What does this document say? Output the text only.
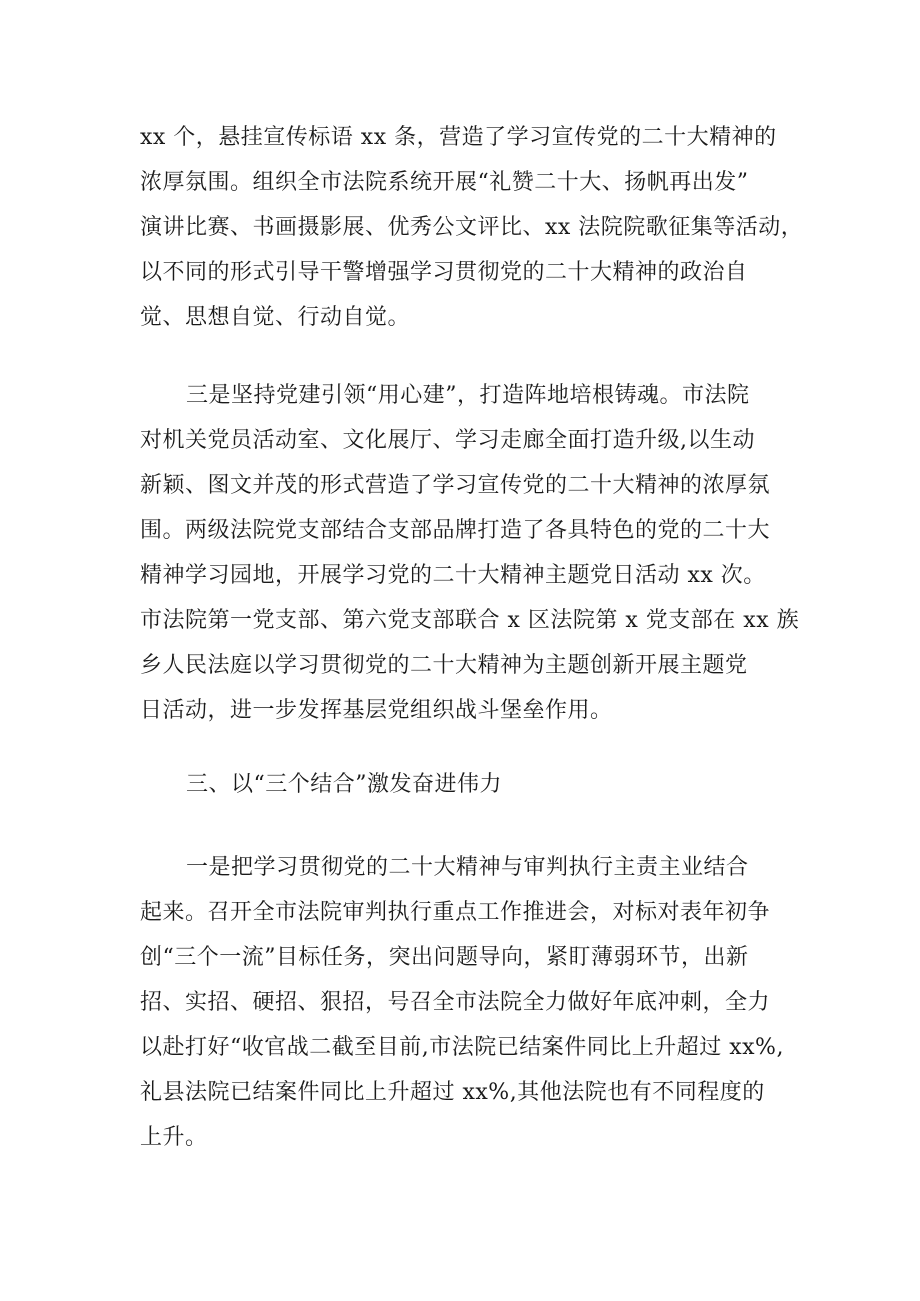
xx 个，悬挂宣传标语 xx 条，营造了学习宣传党的二十大精神的
浓厚氛围。组织全市法院系统开展“礼赞二十大、扬帆再出发”
演讲比赛、书画摄影展、优秀公文评比、xx 法院院歌征集等活动，
以不同的形式引导干警增强学习贯彻党的二十大精神的政治自
觉、思想自觉、行动自觉。
三是坚持党建引领“用心建”，打造阵地培根铸魂。市法院
对机关党员活动室、文化展厅、学习走廊全面打造升级,以生动
新颖、图文并茂的形式营造了学习宣传党的二十大精神的浓厚氛
围。两级法院党支部结合支部品牌打造了各具特色的党的二十大
精神学习园地，开展学习党的二十大精神主题党日活动 xx 次。
市法院第一党支部、第六党支部联合 x 区法院第 x 党支部在 xx 族
乡人民法庭以学习贯彻党的二十大精神为主题创新开展主题党
日活动，进一步发挥基层党组织战斗堡垒作用。
三、以“三个结合”激发奋进伟力
一是把学习贯彻党的二十大精神与审判执行主责主业结合
起来。召开全市法院审判执行重点工作推进会，对标对表年初争
创“三个一流”目标任务，突出问题导向，紧盯薄弱环节，出新
招、实招、硬招、狠招，号召全市法院全力做好年底冲刺，全力
以赴打好“收官战二截至目前,市法院已结案件同比上升超过 xx%,
礼县法院已结案件同比上升超过 xx%,其他法院也有不同程度的
上升。
